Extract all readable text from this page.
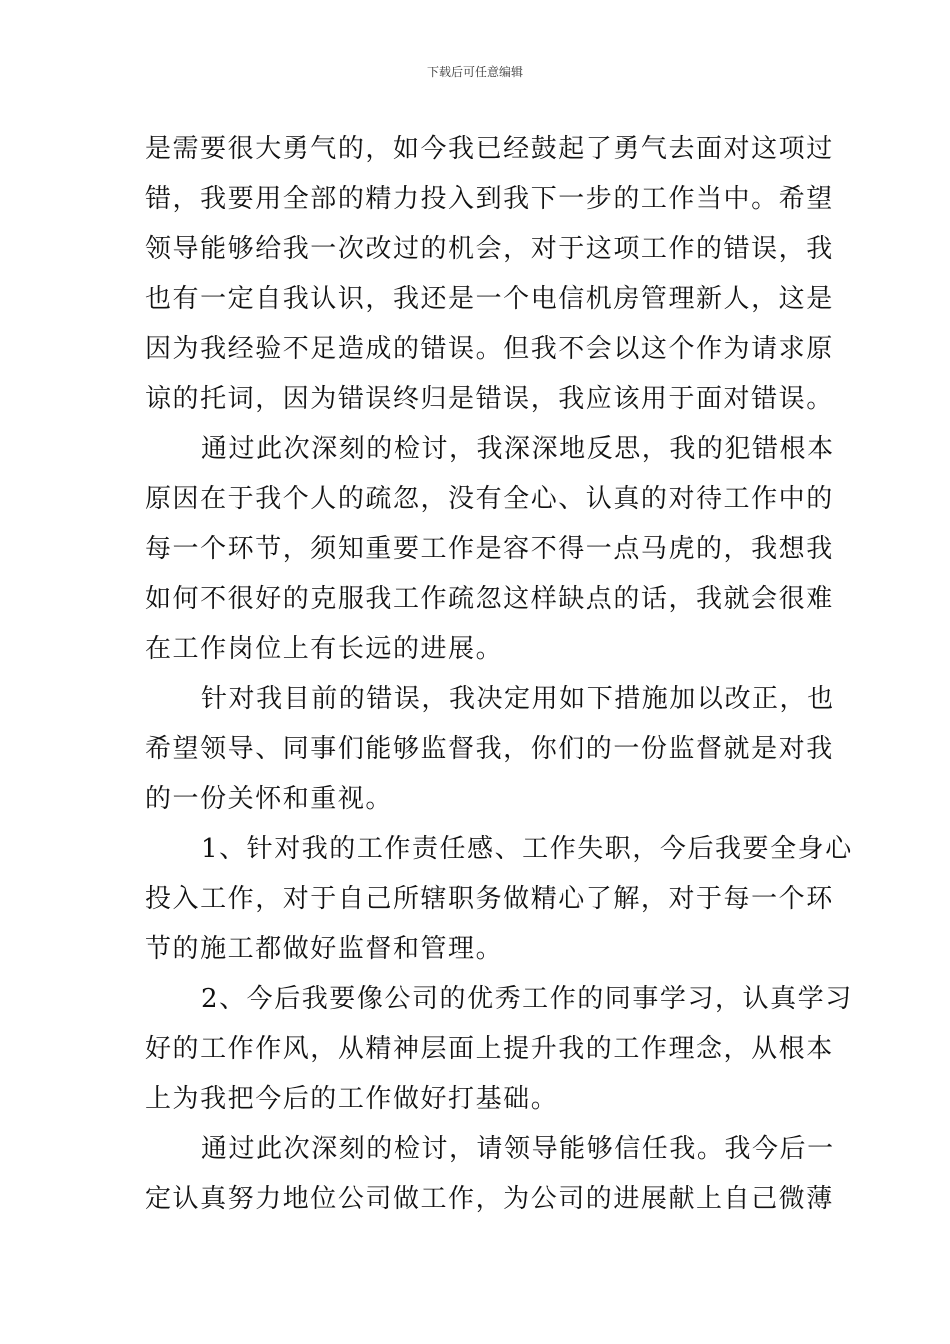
下载后可任意编辑
是需要很大勇气的，如今我已经鼓起了勇气去面对这项过
错，我要用全部的精力投入到我下一步的工作当中。希望
领导能够给我一次改过的机会，对于这项工作的错误，我
也有一定自我认识，我还是一个电信机房管理新人，这是
因为我经验不足造成的错误。但我不会以这个作为请求原
谅的托词，因为错误终归是错误，我应该用于面对错误。
通过此次深刻的检讨，我深深地反思，我的犯错根本
原因在于我个人的疏忽，没有全心、认真的对待工作中的
每一个环节，须知重要工作是容不得一点马虎的，我想我
如何不很好的克服我工作疏忽这样缺点的话，我就会很难
在工作岗位上有长远的进展。
针对我目前的错误，我决定用如下措施加以改正，也
希望领导、同事们能够监督我，你们的一份监督就是对我
的一份关怀和重视。
1、针对我的工作责任感、工作失职，今后我要全身心
投入工作，对于自己所辖职务做精心了解，对于每一个环
节的施工都做好监督和管理。
2、今后我要像公司的优秀工作的同事学习，认真学习
好的工作作风，从精神层面上提升我的工作理念，从根本
上为我把今后的工作做好打基础。
通过此次深刻的检讨，请领导能够信任我。我今后一
定认真努力地位公司做工作，为公司的进展献上自己微薄
